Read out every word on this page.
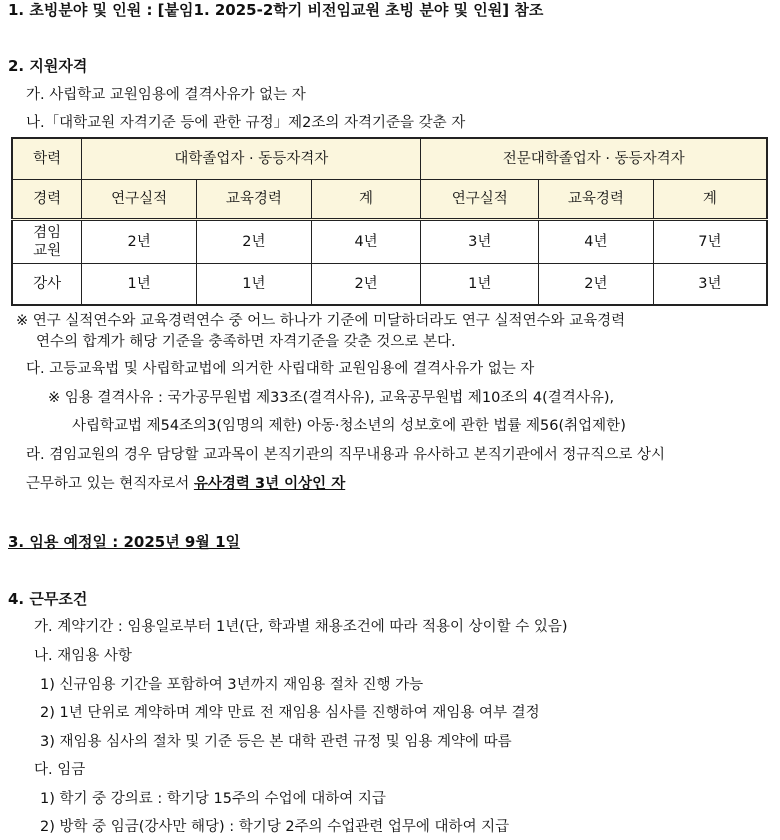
1. 초빙분야 및 인원 : [붙임1. 2025-2학기 비전임교원 초빙 분야 및 인원] 참조
2. 지원자격
가. 사립학교 교원임용에 결격사유가 없는 자
나.「대학교원 자격기준 등에 관한 규정」제2조의 자격기준을 갖춘 자
학력	대학졸업자 · 동등자격자			전문대학졸업자 · 동등자격자		
경력	연구실적	교육경력	계	연구실적	교육경력	계
겸임
교원	2년	2년	4년	3년	4년	7년
강사	1년	1년	2년	1년	2년	3년
※ 연구 실적연수와 교육경력연수 중 어느 하나가 기준에 미달하더라도 연구 실적연수와 교육경력
연수의 합계가 해당 기준을 충족하면 자격기준을 갖춘 것으로 본다.
다. 고등교육법 및 사립학교법에 의거한 사립대학 교원임용에 결격사유가 없는 자
※ 임용 결격사유 : 국가공무원법 제33조(결격사유), 교육공무원법 제10조의 4(결격사유),
사립학교법 제54조의3(임명의 제한) 아동·청소년의 성보호에 관한 법률 제56(취업제한)
라. 겸임교원의 경우 담당할 교과목이 본직기관의 직무내용과 유사하고 본직기관에서 정규직으로 상시
근무하고 있는 현직자로서 유사경력 3년 이상인 자
3. 임용 예정일 : 2025년 9월 1일
4. 근무조건
가. 계약기간 : 임용일로부터 1년(단, 학과별 채용조건에 따라 적용이 상이할 수 있음)
나. 재임용 사항
1) 신규임용 기간을 포함하여 3년까지 재임용 절차 진행 가능
2) 1년 단위로 계약하며 계약 만료 전 재임용 심사를 진행하여 재임용 여부 결정
3) 재임용 심사의 절차 및 기준 등은 본 대학 관련 규정 및 임용 계약에 따름
다. 임금
1) 학기 중 강의료 : 학기당 15주의 수업에 대하여 지급
2) 방학 중 임금(강사만 해당) : 학기당 2주의 수업관련 업무에 대하여 지급
